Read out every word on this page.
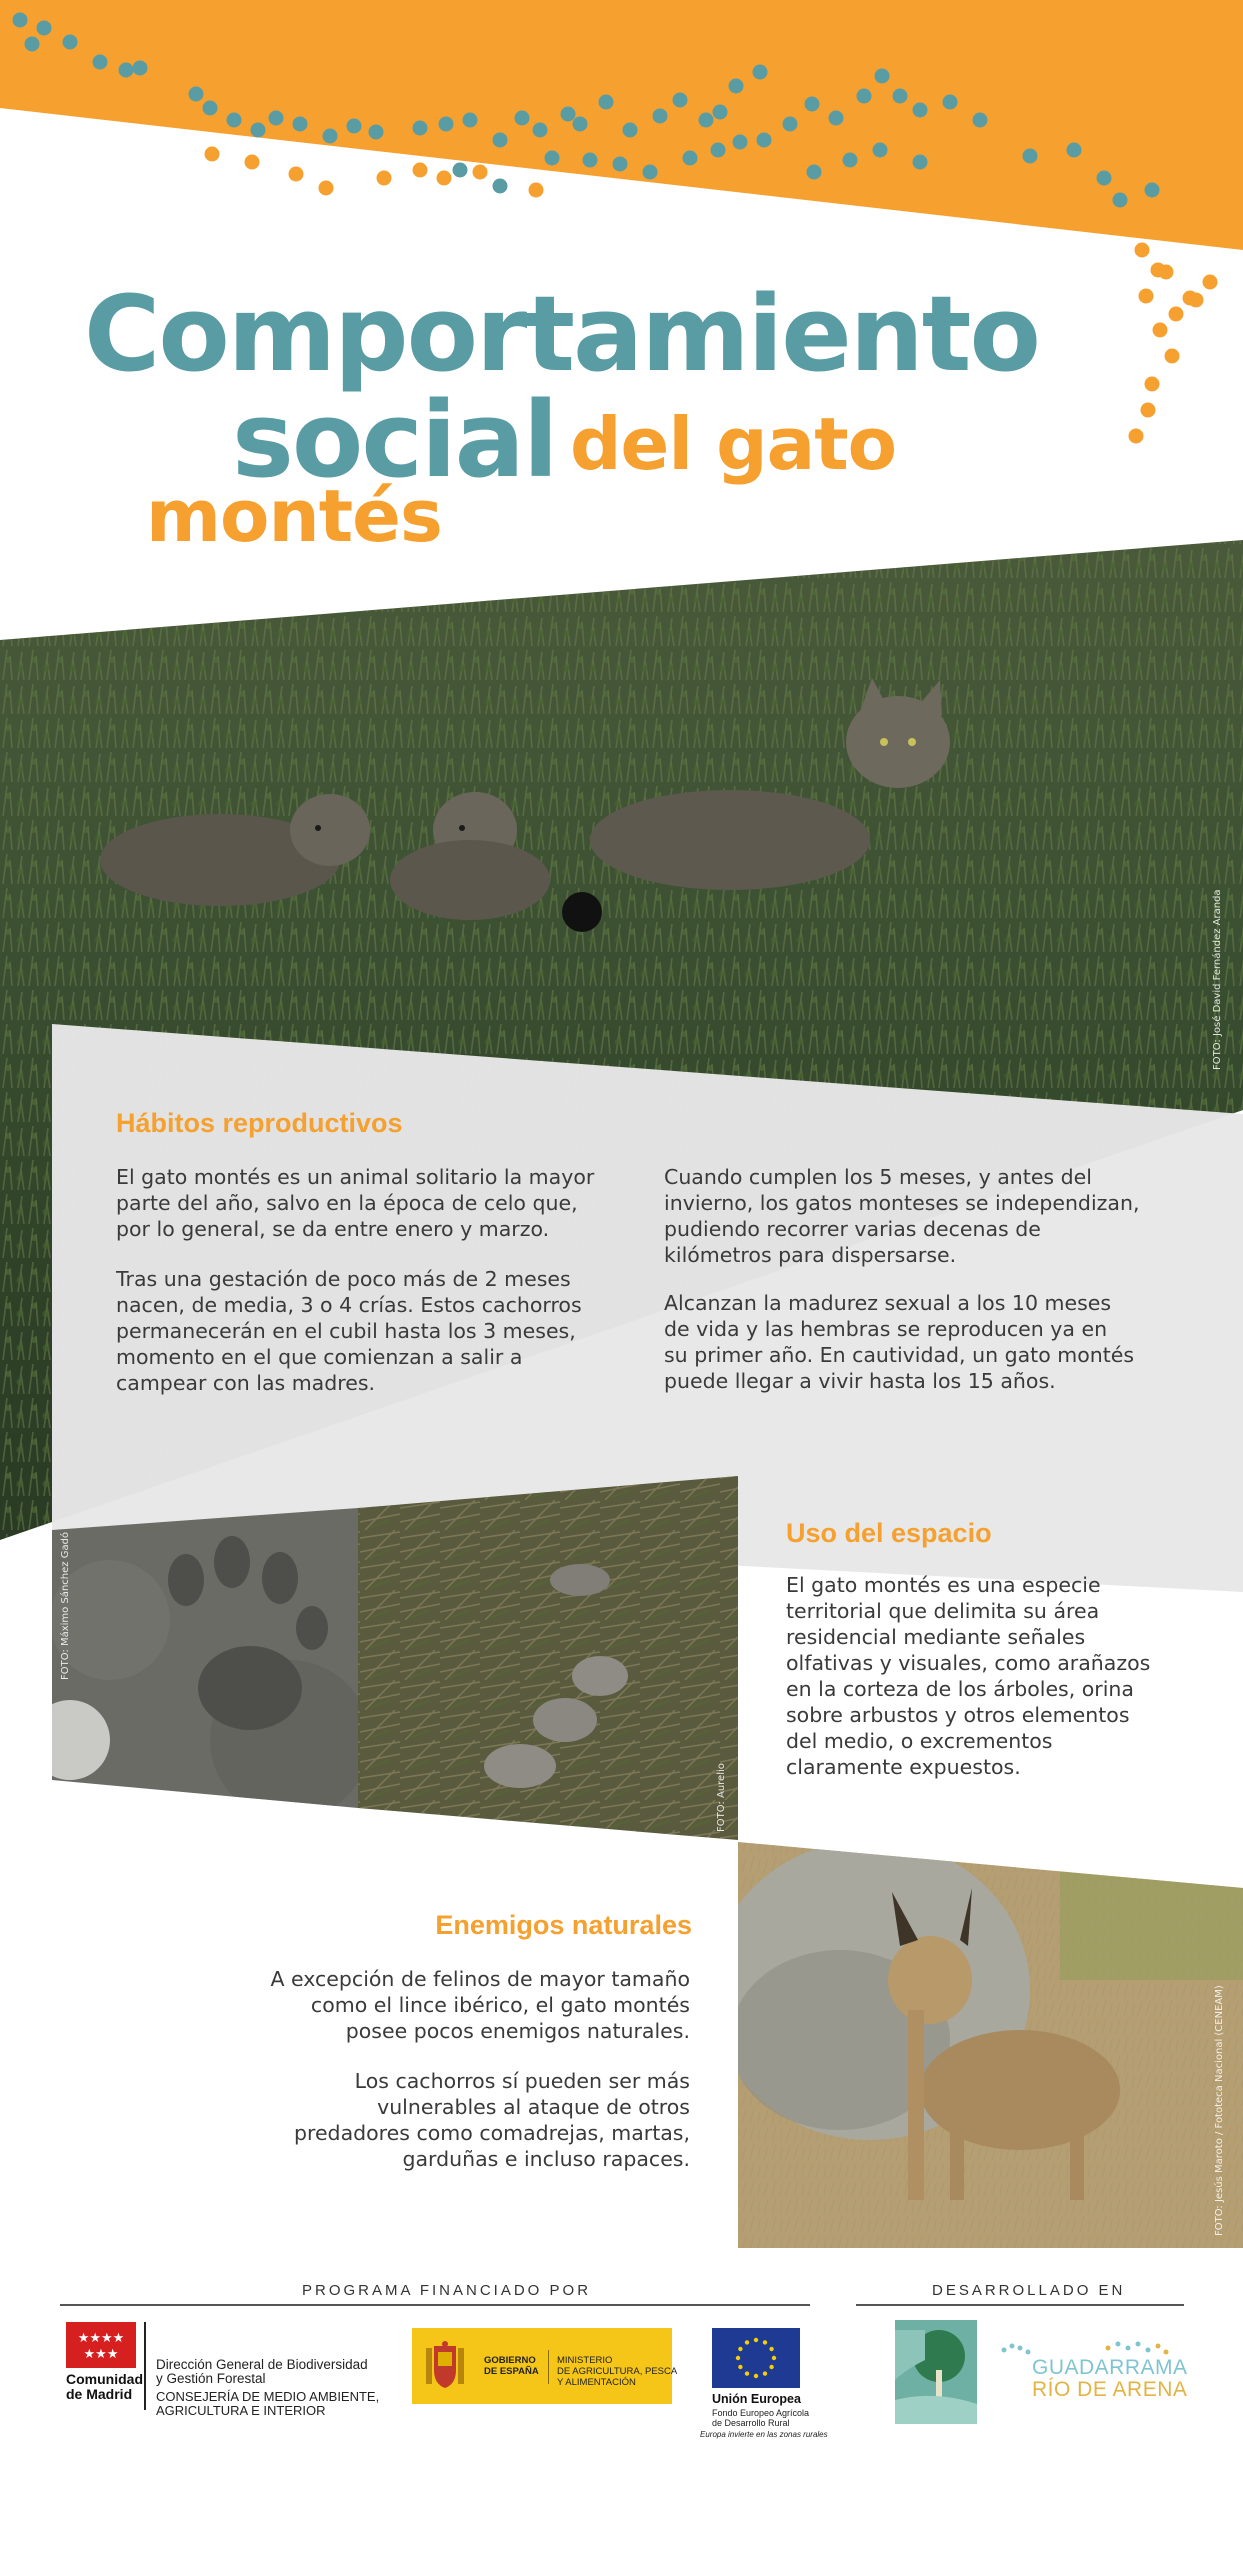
Comportamiento
social del gato
montés
FOTO: José David Fernández Aranda
Hábitos reproductivos
El gato montés es un animal solitario la mayor
parte del año, salvo en la época de celo que,
por lo general, se da entre enero y marzo.
Tras una gestación de poco más de 2 meses
nacen, de media, 3 o 4 crías. Estos cachorros
permanecerán en el cubil hasta los 3 meses,
momento en el que comienzan a salir a
campear con las madres.
Cuando cumplen los 5 meses, y antes del
invierno, los gatos monteses se independizan,
pudiendo recorrer varias decenas de
kilómetros para dispersarse.
Alcanzan la madurez sexual a los 10 meses
de vida y las hembras se reproducen ya en
su primer año. En cautividad, un gato montés
puede llegar a vivir hasta los 15 años.
FOTO: Máximo Sánchez Gadó
FOTO: Aurelio
FOTO: Jesús Maroto / Fototeca Nacional (CENEAM)
Uso del espacio
El gato montés es una especie
territorial que delimita su área
residencial mediante señales
olfativas y visuales, como arañazos
en la corteza de los árboles, orina
sobre arbustos y otros elementos
del medio, o excrementos
claramente expuestos.
Enemigos naturales
A excepción de felinos de mayor tamaño
como el lince ibérico, el gato montés
posee pocos enemigos naturales.
Los cachorros sí pueden ser más
vulnerables al ataque de otros
predadores como comadrejas, martas,
garduñas e incluso rapaces.
PROGRAMA FINANCIADO POR	DESARROLLADO EN
★★★★
★★★
Comunidad
de Madrid
Dirección General de Biodiversidad
y Gestión Forestal
CONSEJERÍA DE MEDIO AMBIENTE,
AGRICULTURA E INTERIOR
GOBIERNO
DE ESPAÑA
MINISTERIO
DE AGRICULTURA, PESCA
Y ALIMENTACIÓN
Unión Europea
Fondo Europeo Agrícola
de Desarrollo Rural
Europa invierte en las zonas rurales
GUADARRAMA
RÍO DE ARENA
